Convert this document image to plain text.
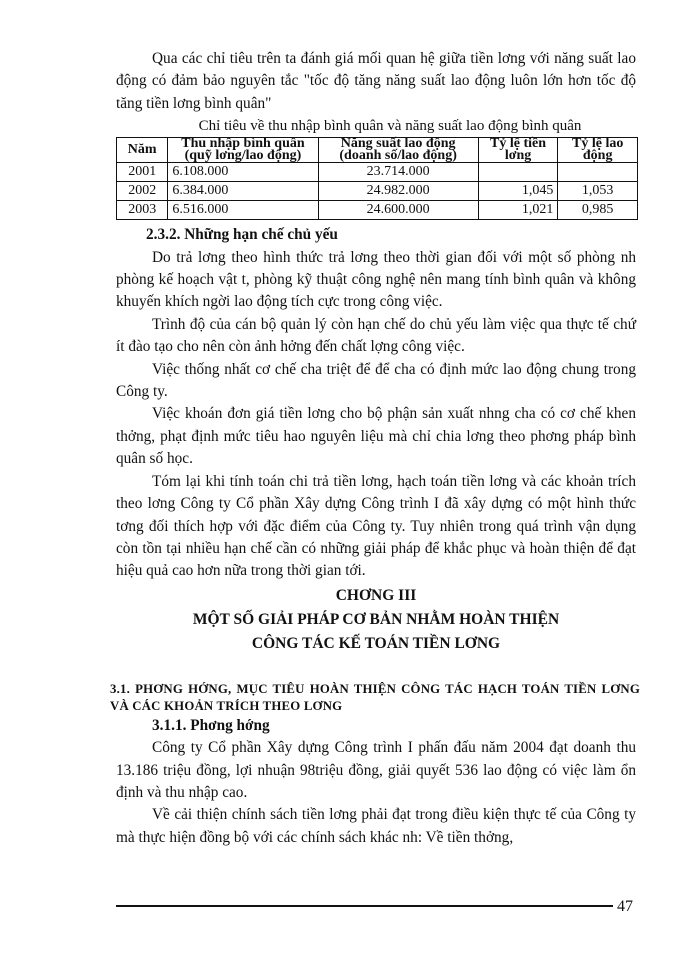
Qua các chỉ tiêu trên ta đánh giá mối quan hệ giữa tiền lơng với năng suất lao động có đảm bảo nguyên tắc "tốc độ tăng năng suất lao động luôn lớn hơn tốc độ tăng tiền lơng bình quân"

Chỉ tiêu về thu nhập bình quân và năng suất lao động bình quân
Năm	Thu nhập bình quân (quỹ lơng/lao động)	Năng suất lao động (doanh số/lao động)	Tỷ lệ tiền lơng	Tỷ lệ lao động
2001	6.108.000	23.714.000		
2002	6.384.000	24.982.000	1,045	1,053
2003	6.516.000	24.600.000	1,021	0,985

2.3.2. Những hạn chế chủ yếu

Do trả lơng theo hình thức trả lơng theo thời gian đối với một số phòng nh phòng kế hoạch vật t, phòng kỹ thuật công nghệ nên mang tính bình quân và không khuyến khích ngời lao động tích cực trong công việc.

Trình độ của cán bộ quản lý còn hạn chế do chủ yếu làm việc qua thực tế chứ ít đào tạo cho nên còn ảnh hởng đến chất lợng công việc.

Việc thống nhất cơ chế cha triệt để để cha có định mức lao động chung trong Công ty.

Việc khoán đơn giá tiền lơng cho bộ phận sản xuất nhng cha có cơ chế khen thởng, phạt định mức tiêu hao nguyên liệu mà chỉ chia lơng theo phơng pháp bình quân số học.

Tóm lại khi tính toán chi trả tiền lơng, hạch toán tiền lơng và các khoản trích theo lơng Công ty Cổ phần Xây dựng Công trình I đã xây dựng có một hình thức tơng đối thích hợp với đặc điểm của Công ty. Tuy nhiên trong quá trình vận dụng còn tồn tại nhiều hạn chế cần có những giải pháp để khắc phục và hoàn thiện để đạt hiệu quả cao hơn nữa trong thời gian tới.

CHƠNG III
MỘT SỐ GIẢI PHÁP CƠ BẢN NHẰM HOÀN THIỆN
CÔNG TÁC KẾ TOÁN TIỀN LƠNG

3.1. PHƠNG HỚNG, MỤC TIÊU HOÀN THIỆN CÔNG TÁC HẠCH TOÁN TIỀN LƠNG VÀ CÁC KHOẢN TRÍCH THEO LƠNG

3.1.1. Phơng hớng

Công ty Cổ phần Xây dựng Công trình I phấn đấu năm 2004 đạt doanh thu 13.186 triệu đồng, lợi nhuận 98triệu đồng, giải quyết 536 lao động có việc làm ổn định và thu nhập cao.

Về cải thiện chính sách tiền lơng phải đạt trong điều kiện thực tế của Công ty mà thực hiện đồng bộ với các chính sách khác nh: Về tiền thởng,

47
